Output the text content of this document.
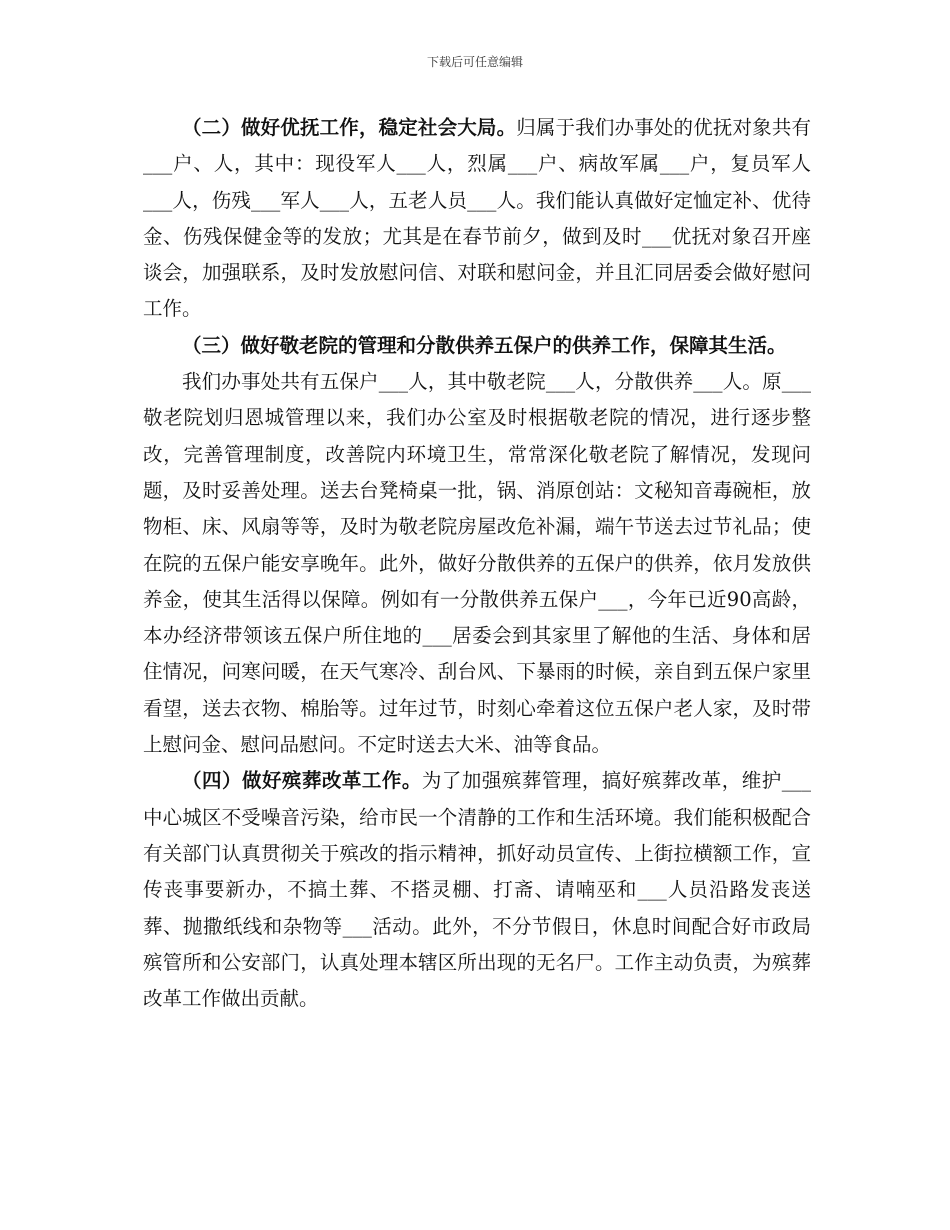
下载后可任意编辑

（二）做好优抚工作，稳定社会大局。归属于我们办事处的优抚对象共有___户、人，其中：现役军人___人，烈属___户、病故军属___户，复员军人___人，伤残___军人___人，五老人员___人。我们能认真做好定恤定补、优待金、伤残保健金等的发放；尤其是在春节前夕，做到及时___优抚对象召开座谈会，加强联系，及时发放慰问信、对联和慰问金，并且汇同居委会做好慰问工作。

（三）做好敬老院的管理和分散供养五保户的供养工作，保障其生活。

我们办事处共有五保户___人，其中敬老院___人，分散供养___人。原___敬老院划归恩城管理以来，我们办公室及时根据敬老院的情况，进行逐步整改，完善管理制度，改善院内环境卫生，常常深化敬老院了解情况，发现问题，及时妥善处理。送去台凳椅桌一批，锅、消原创站：文秘知音毒碗柜，放物柜、床、风扇等等，及时为敬老院房屋改危补漏，端午节送去过节礼品；使在院的五保户能安享晚年。此外，做好分散供养的五保户的供养，依月发放供养金，使其生活得以保障。例如有一分散供养五保户___，今年已近90高龄，本办经济带领该五保户所住地的___居委会到其家里了解他的生活、身体和居住情况，问寒问暖，在天气寒冷、刮台风、下暴雨的时候，亲自到五保户家里看望，送去衣物、棉胎等。过年过节，时刻心牵着这位五保户老人家，及时带上慰问金、慰问品慰问。不定时送去大米、油等食品。

（四）做好殡葬改革工作。为了加强殡葬管理，搞好殡葬改革，维护___中心城区不受噪音污染，给市民一个清静的工作和生活环境。我们能积极配合有关部门认真贯彻关于殡改的指示精神，抓好动员宣传、上街拉横额工作，宣传丧事要新办，不搞土葬、不搭灵棚、打斋、请喃巫和___人员沿路发丧送葬、抛撒纸线和杂物等___活动。此外，不分节假日，休息时间配合好市政局殡管所和公安部门，认真处理本辖区所出现的无名尸。工作主动负责，为殡葬改革工作做出贡献。
